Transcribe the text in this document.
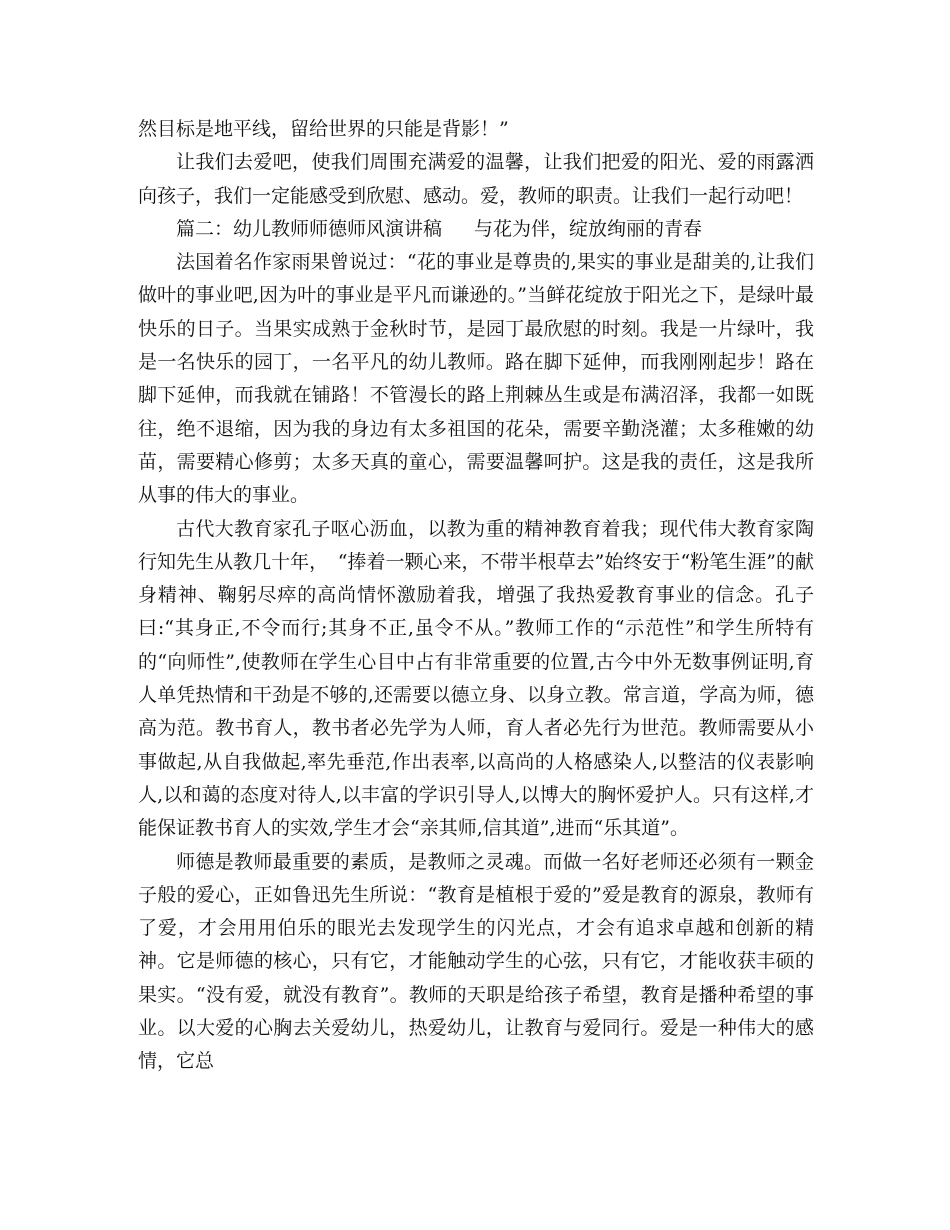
然目标是地平线，留给世界的只能是背影！”

让我们去爱吧，使我们周围充满爱的温馨，让我们把爱的阳光、爱的雨露洒向孩子，我们一定能感受到欣慰、感动。爱，教师的职责。让我们一起行动吧！

篇二：幼儿教师师德师风演讲稿 与花为伴，绽放绚丽的青春

法国着名作家雨果曾说过：“花的事业是尊贵的,果实的事业是甜美的,让我们做叶的事业吧,因为叶的事业是平凡而谦逊的。”当鲜花绽放于阳光之下，是绿叶最快乐的日子。当果实成熟于金秋时节，是园丁最欣慰的时刻。我是一片绿叶，我是一名快乐的园丁，一名平凡的幼儿教师。路在脚下延伸，而我刚刚起步！路在脚下延伸，而我就在铺路！不管漫长的路上荆棘丛生或是布满沼泽，我都一如既往，绝不退缩，因为我的身边有太多祖国的花朵，需要辛勤浇灌；太多稚嫩的幼苗，需要精心修剪；太多天真的童心，需要温馨呵护。这是我的责任，这是我所从事的伟大的事业。

古代大教育家孔子呕心沥血，以教为重的精神教育着我；现代伟大教育家陶行知先生从教几十年，　“捧着一颗心来，不带半根草去”始终安于“粉笔生涯”的献身精神、鞠躬尽瘁的高尚情怀激励着我，增强了我热爱教育事业的信念。孔子曰:“其身正,不令而行;其身不正,虽令不从。”教师工作的“示范性”和学生所特有的“向师性”,使教师在学生心目中占有非常重要的位置,古今中外无数事例证明,育人单凭热情和干劲是不够的,还需要以德立身、以身立教。常言道，学高为师，德高为范。教书育人，教书者必先学为人师，育人者必先行为世范。教师需要从小事做起,从自我做起,率先垂范,作出表率,以高尚的人格感染人,以整洁的仪表影响人,以和蔼的态度对待人,以丰富的学识引导人,以博大的胸怀爱护人。只有这样,才能保证教书育人的实效,学生才会“亲其师,信其道”,进而“乐其道”。

师德是教师最重要的素质，是教师之灵魂。而做一名好老师还必须有一颗金子般的爱心，正如鲁迅先生所说：“教育是植根于爱的”爱是教育的源泉，教师有了爱，才会用用伯乐的眼光去发现学生的闪光点，才会有追求卓越和创新的精神。它是师德的核心，只有它，才能触动学生的心弦，只有它，才能收获丰硕的果实。“没有爱，就没有教育”。教师的天职是给孩子希望，教育是播种希望的事业。以大爱的心胸去关爱幼儿，热爱幼儿，让教育与爱同行。爱是一种伟大的感情，它总
